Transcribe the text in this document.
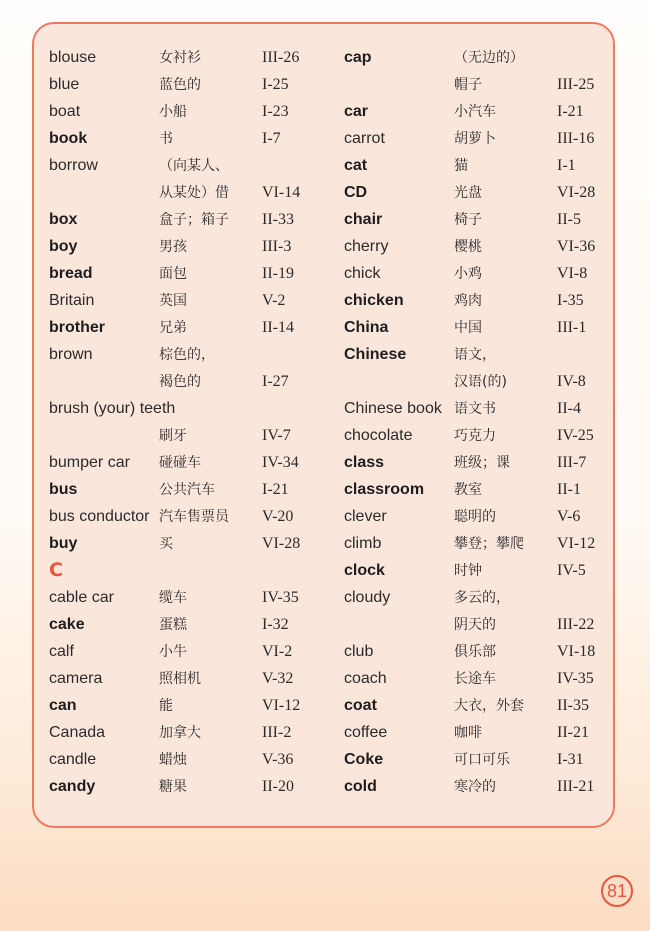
blouse	女衬衫	III-26
blue	蓝色的	I-25
boat	小船	I-23
book	书	I-7
borrow	（向某人、
从某处）借 VI-14
box	盒子；箱子 II-33
boy	男孩	III-3
bread	面包	II-19
Britain	英国	V-2
brother	兄弟	II-14
brown	棕色的，
褐色的	I-27
brush (your) teeth
刷牙	IV-7
bumper car 碰碰车	IV-34
bus	公共汽车	I-21
bus conductor 汽车售票员 V-20
buy	买	VI-28
C
cable car	缆车	IV-35
cake	蛋糕	I-32
calf	小牛	VI-2
camera	照相机	V-32
can	能	VI-12
Canada	加拿大	III-2
candle	蜡烛	V-36
candy	糖果	II-20
cap	（无边的）
帽子	III-25
car	小汽车	I-21
carrot	胡萝卜	III-16
cat	猫	I-1
CD	光盘	VI-28
chair	椅子	II-5
cherry	樱桃	VI-36
chick	小鸡	VI-8
chicken	鸡肉	I-35
China	中国	III-1
Chinese	语文，
汉语(的)	IV-8
Chinese book 语文书	II-4
chocolate	巧克力	IV-25
class	班级；课	III-7
classroom 教室	II-1
clever	聪明的	V-6
climb	攀登；攀爬 VI-12
clock	时钟	IV-5
cloudy	多云的，
阴天的	III-22
club	俱乐部	VI-18
coach	长途车	IV-35
coat	大衣，外套 II-35
coffee	咖啡	II-21
Coke	可口可乐	I-31
cold	寒冷的	III-21
81
